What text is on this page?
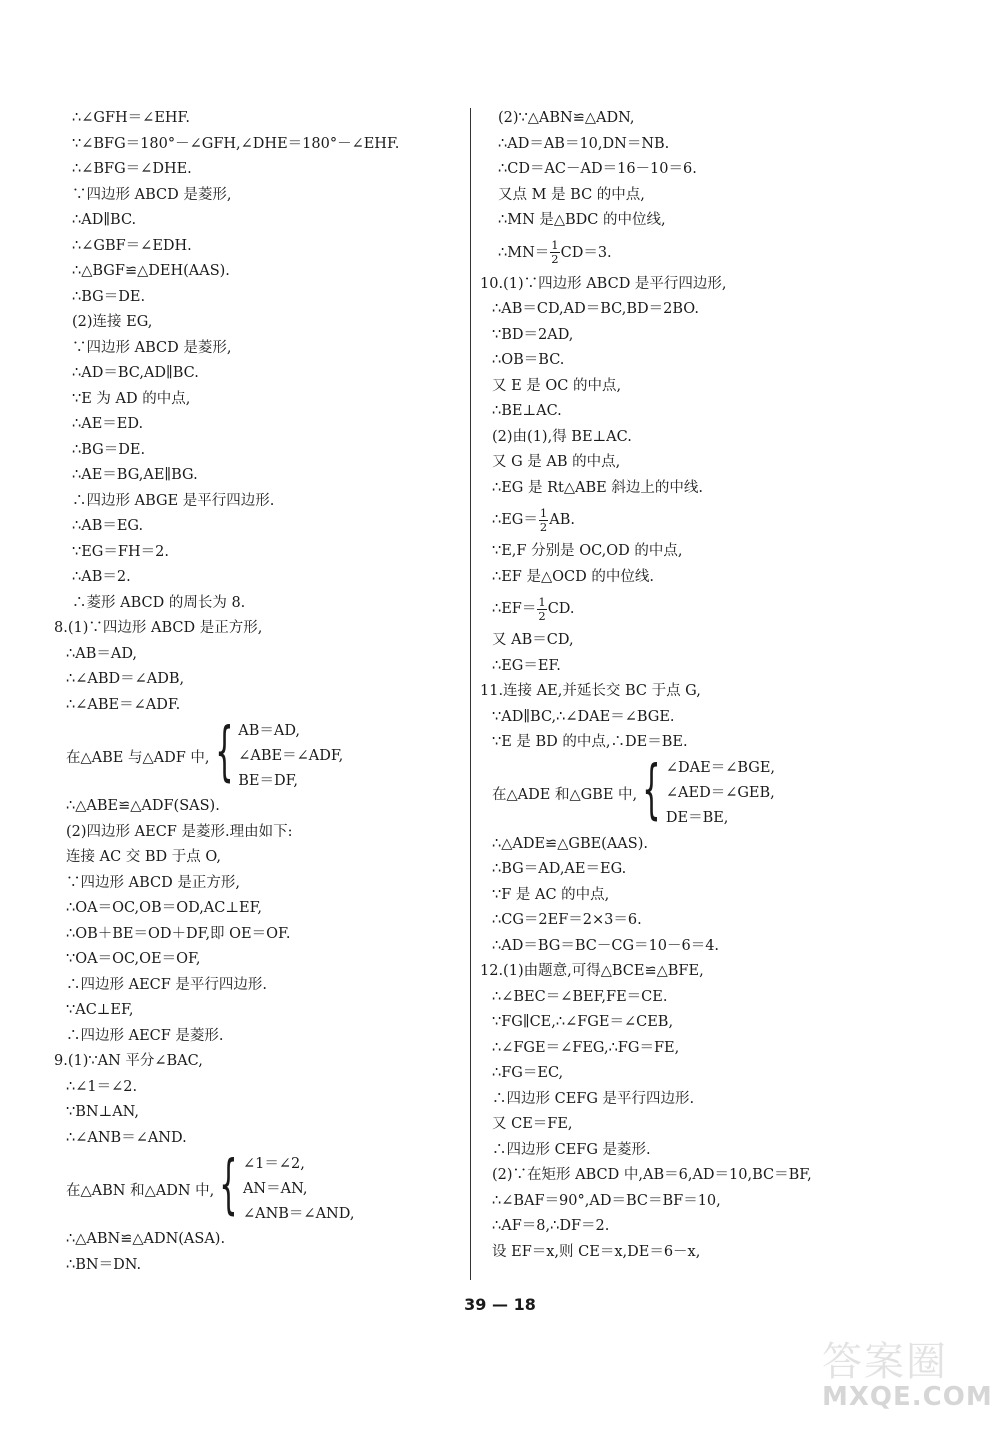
∴∠GFH＝∠EHF.
∵∠BFG＝180°－∠GFH,∠DHE＝180°－∠EHF.
∴∠BFG＝∠DHE.
∵四边形 ABCD 是菱形,
∴AD∥BC.
∴∠GBF＝∠EDH.
∴△BGF≌△DEH(AAS).
∴BG＝DE.
(2)连接 EG,
∵四边形 ABCD 是菱形,
∴AD＝BC,AD∥BC.
∵E 为 AD 的中点,
∴AE＝ED.
∴BG＝DE.
∴AE＝BG,AE∥BG.
∴四边形 ABGE 是平行四边形.
∴AB＝EG.
∵EG＝FH＝2.
∴AB＝2.
∴菱形 ABCD 的周长为 8.
8.(1)∵四边形 ABCD 是正方形,
∴AB＝AD,
∴∠ABD＝∠ADB,
∴∠ABE＝∠ADF.
在△ABE 与△ADF 中, { AB＝AD,
∠ABE＝∠ADF,
BE＝DF,
∴△ABE≌△ADF(SAS).
(2)四边形 AECF 是菱形.理由如下:
连接 AC 交 BD 于点 O,
∵四边形 ABCD 是正方形,
∴OA＝OC,OB＝OD,AC⊥EF,
∴OB＋BE＝OD＋DF,即 OE＝OF.
∵OA＝OC,OE＝OF,
∴四边形 AECF 是平行四边形.
∵AC⊥EF,
∴四边形 AECF 是菱形.
9.(1)∵AN 平分∠BAC,
∴∠1＝∠2.
∵BN⊥AN,
∴∠ANB＝∠AND.
在△ABN 和△ADN 中, { ∠1＝∠2,
AN＝AN,
∠ANB＝∠AND,
∴△ABN≌△ADN(ASA).
∴BN＝DN.
(2)∵△ABN≌△ADN,
∴AD＝AB＝10,DN＝NB.
∴CD＝AC－AD＝16－10＝6.
又点 M 是 BC 的中点,
∴MN 是△BDC 的中位线,
∴MN＝ $\frac{1}{2} CD=3$.
10.(1)∵四边形 ABCD 是平行四边形,
∴AB＝CD,AD＝BC,BD＝2BO.
∵BD＝2AD,
∴OB＝BC.
又 E 是 OC 的中点,
∴BE⊥AC.
(2)由(1),得 BE⊥AC.
又 G 是 AB 的中点,
∴EG 是 Rt△ABE 斜边上的中线.
∴EG＝ $\frac{1}{2}$ AB.
∵E,F 分别是 OC,OD 的中点,
∴EF 是△OCD 的中位线.
∴EF＝ $\frac{1}{2}$ CD.
又 AB＝CD,
∴EG＝EF.
11.连接 AE,并延长交 BC 于点 G,
∵AD∥BC,∴∠DAE＝∠BGE.
∵E 是 BD 的中点,∴DE＝BE.
在△ADE 和△GBE 中, { ∠DAE＝∠BGE,
∠AED＝∠GEB,
DE＝BE,
∴△ADE≌△GBE(AAS).
∴BG＝AD,AE＝EG.
∵F 是 AC 的中点,
∴CG＝2EF＝2×3＝6.
∴AD＝BG＝BC－CG＝10－6＝4.
12.(1)由题意,可得△BCE≌△BFE,
∴∠BEC＝∠BEF,FE＝CE.
∵FG∥CE,∴∠FGE＝∠CEB,
∴∠FGE＝∠FEG,∴FG＝FE,
∴FG＝EC,
∴四边形 CEFG 是平行四边形.
又 CE＝FE,
∴四边形 CEFG 是菱形.
(2)∵在矩形 ABCD 中,AB＝6,AD＝10,BC＝BF,
∴∠BAF＝90°,AD＝BC＝BF＝10,
∴AF＝8,∴DF＝2.
设 EF＝x,则 CE＝x,DE＝6－x,
39 — 18
答案圈
MXQE.COM
